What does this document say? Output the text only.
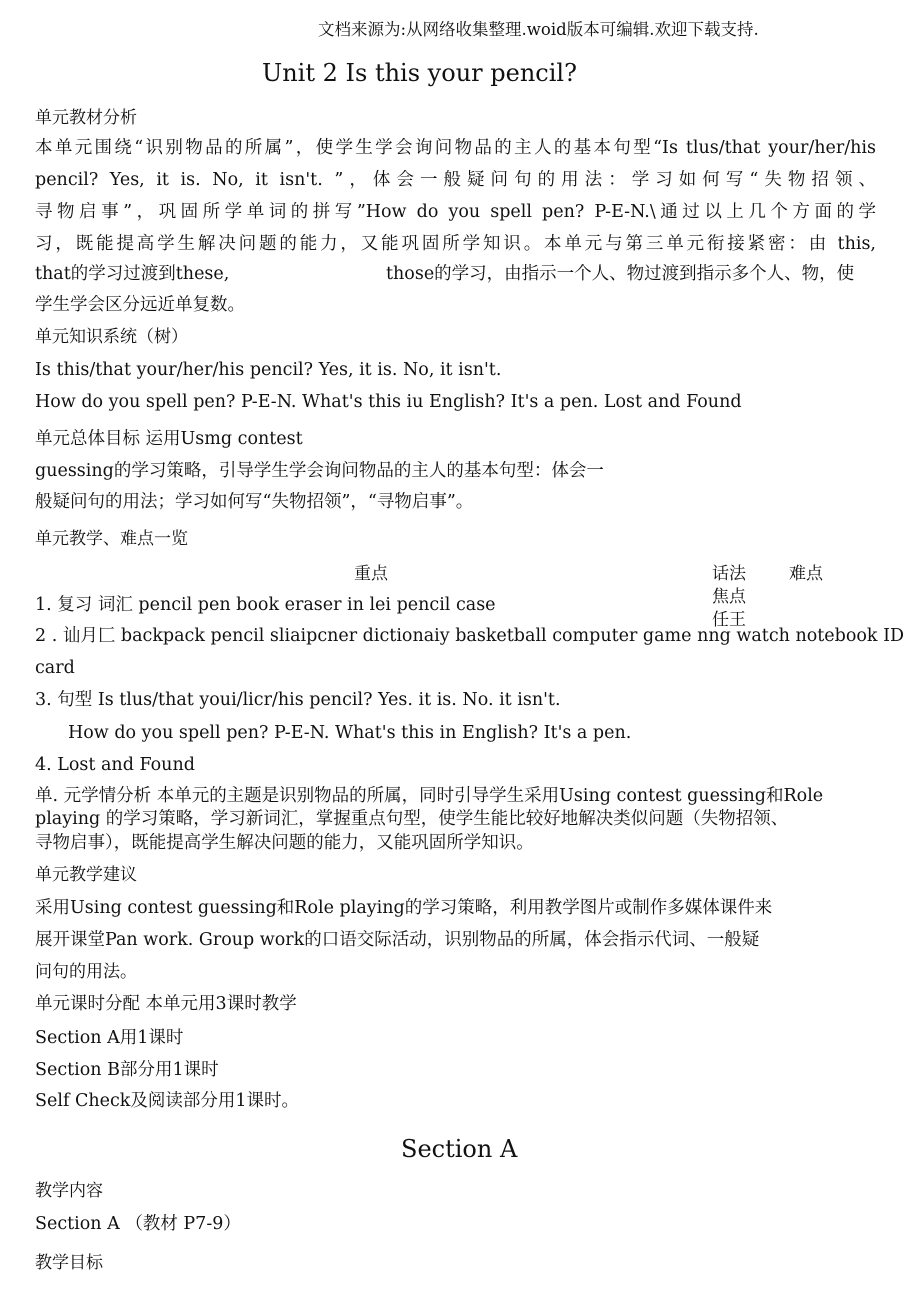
文档来源为:从网络收集整理.woid版本可编辑.欢迎下载支持.
Unit 2 Is this your pencil?
单元教材分析
本单元围绕“识别物品的所属”，使学生学会询问物品的主人的基本句型“Is tlus/that your/her/his
pencil? Yes, it is. No, it isn't. ”，体会一般疑问句的用法：学习如何写“失物招领、
寻物启事”，巩固所学单词的拼写”How do you spell pen? P-E-N.\通过以上几个方面的学
习，既能提高学生解决问题的能力，又能巩固所学知识。本单元与第三单元衔接紧密：由 this,
that的学习过渡到these,	those的学习，由指示一个人、物过渡到指示多个人、物，使
学生学会区分远近单复数。
单元知识系统（树）
Is this/that your/her/his pencil? Yes, it is. No, it isn't.
How do you spell pen? P-E-N. What's this iu English? It's a pen. Lost and Found
单元总体目标 运用Usmg contest
guessing的学习策略，引导学生学会询问物品的主人的基本句型：体会一
般疑问句的用法；学习如何写“失物招领”，“寻物启事”。
单元教学、难点一览
重点	话法焦点 任王
难点
1. 复习 词汇 pencil pen book eraser in lei pencil case
2 . 讪月匚 backpack pencil sliaipcner dictionaiy basketball computer game nng watch notebook ID
card
3. 句型 Is tlus/that youi/licr/his pencil? Yes. it is. No. it isn't.
How do you spell pen? P-E-N. What's this in English? It's a pen.
4. Lost and Found
单. 元学情分析 本单元的主题是识别物品的所属，同时引导学生采用Using contest guessing和Role
playing 的学习策略，学习新词汇，掌握重点句型，使学生能比较好地解决类似问题（失物招领、
寻物启事），既能提高学生解决问题的能力，又能巩固所学知识。
单元教学建议
采用Using contest guessing和Role playing的学习策略，利用教学图片或制作多媒体课件来
展开课堂Pan work. Group work的口语交际活动，识别物品的所属，体会指示代词、一般疑
问句的用法。
单元课时分配 本单元用3课时教学
Section A用1课时
Section B部分用1课时
Self Check及阅读部分用1课时。
Section A
教学内容
Section A （教材 P7-9）
教学目标
